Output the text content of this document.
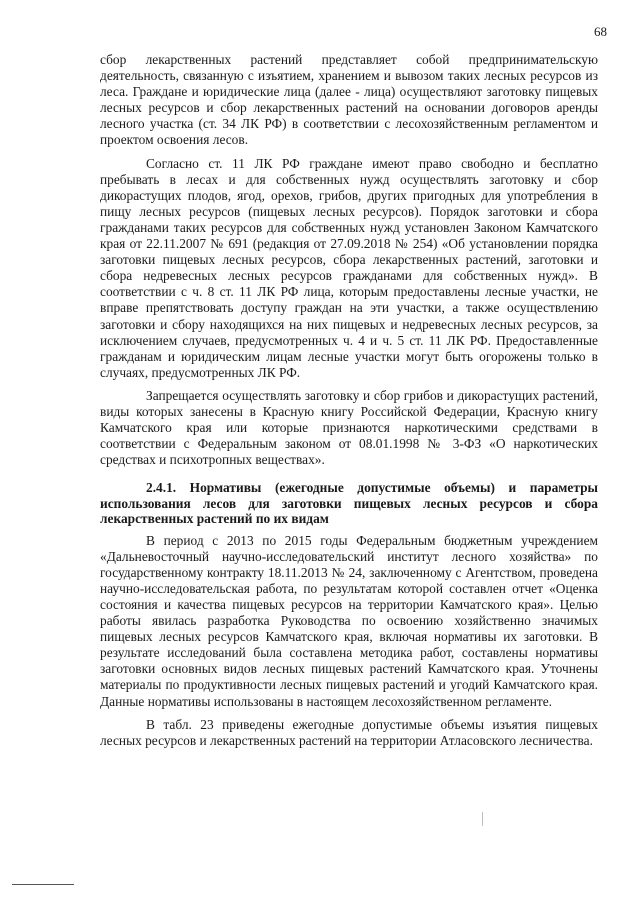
68

сбор лекарственных растений представляет собой предпринимательскую деятельность, связанную с изъятием, хранением и вывозом таких лесных ресурсов из леса. Граждане и юридические лица (далее - лица) осуществляют заготовку пищевых лесных ресурсов и сбор лекарственных растений на основании договоров аренды лесного участка (ст. 34 ЛК РФ) в соответствии с лесохозяйственным регламентом и проектом освоения лесов.

Согласно ст. 11 ЛК РФ граждане имеют право свободно и бесплатно пребывать в лесах и для собственных нужд осуществлять заготовку и сбор дикорастущих плодов, ягод, орехов, грибов, других пригодных для употребления в пищу лесных ресурсов (пищевых лесных ресурсов). Порядок заготовки и сбора гражданами таких ресурсов для собственных нужд установлен Законом Камчатского края от 22.11.2007 № 691 (редакция от 27.09.2018 № 254) «Об установлении порядка заготовки пищевых лесных ресурсов, сбора лекарственных растений, заготовки и сбора недревесных лесных ресурсов гражданами для собственных нужд». В соответствии с ч. 8 ст. 11 ЛК РФ лица, которым предоставлены лесные участки, не вправе препятствовать доступу граждан на эти участки, а также осуществлению заготовки и сбору находящихся на них пищевых и недревесных лесных ресурсов, за исключением случаев, предусмотренных ч. 4 и ч. 5 ст. 11 ЛК РФ. Предоставленные гражданам и юридическим лицам лесные участки могут быть огорожены только в случаях, предусмотренных ЛК РФ.

Запрещается осуществлять заготовку и сбор грибов и дикорастущих растений, виды которых занесены в Красную книгу Российской Федерации, Красную книгу Камчатского края или которые признаются наркотическими средствами в соответствии с Федеральным законом от 08.01.1998 № 3-ФЗ «О наркотических средствах и психотропных веществах».

2.4.1. Нормативы (ежегодные допустимые объемы) и параметры использования лесов для заготовки пищевых лесных ресурсов и сбора лекарственных растений по их видам

В период с 2013 по 2015 годы Федеральным бюджетным учреждением «Дальневосточный научно-исследовательский институт лесного хозяйства» по государственному контракту 18.11.2013 № 24, заключенному с Агентством, проведена научно-исследовательская работа, по результатам которой составлен отчет «Оценка состояния и качества пищевых ресурсов на территории Камчатского края». Целью работы явилась разработка Руководства по освоению хозяйственно значимых пищевых лесных ресурсов Камчатского края, включая нормативы их заготовки. В результате исследований была составлена методика работ, составлены нормативы заготовки основных видов лесных пищевых растений Камчатского края. Уточнены материалы по продуктивности лесных пищевых растений и угодий Камчатского края. Данные нормативы использованы в настоящем лесохозяйственном регламенте.

В табл. 23 приведены ежегодные допустимые объемы изъятия пищевых лесных ресурсов и лекарственных растений на территории Атласовского лесничества.
